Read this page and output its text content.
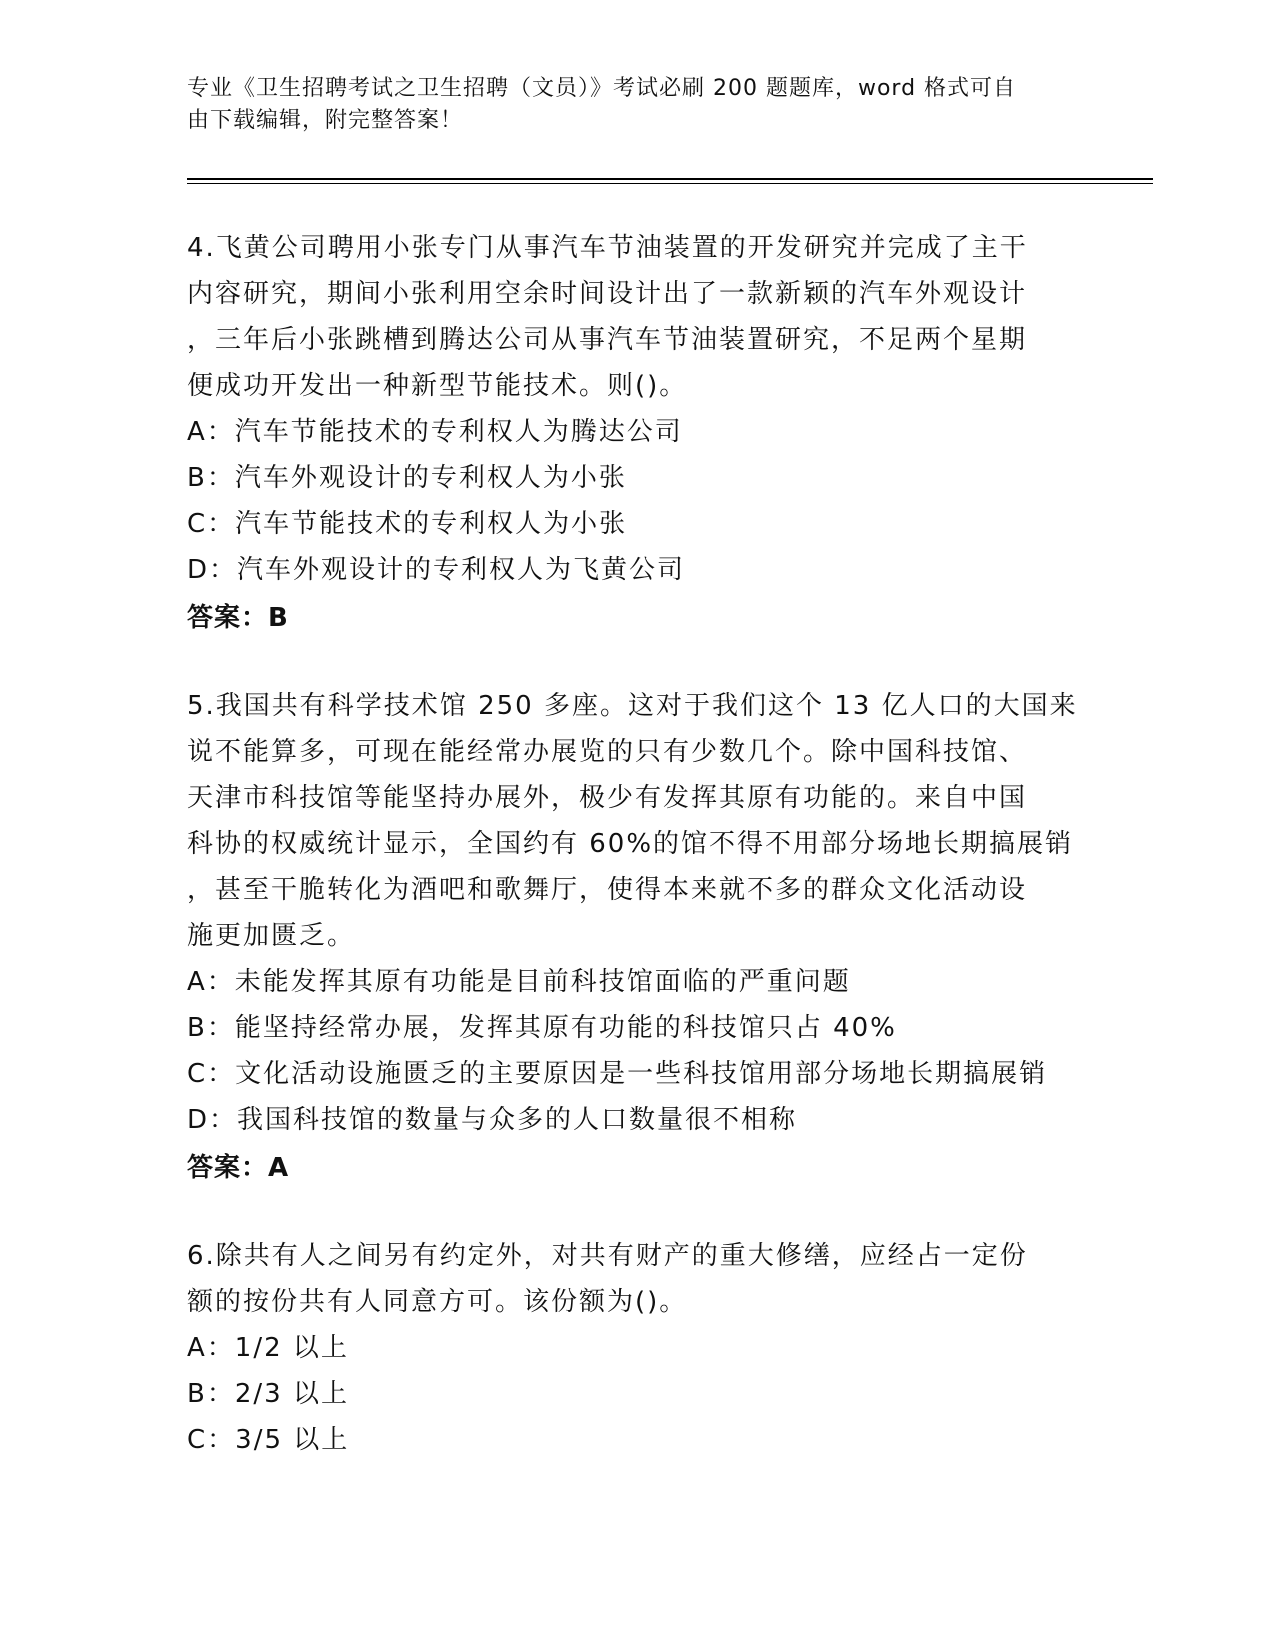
专业《卫生招聘考试之卫生招聘（文员）》考试必刷 200 题题库，word 格式可自
由下载编辑，附完整答案！
4.飞黄公司聘用小张专门从事汽车节油装置的开发研究并完成了主干
内容研究，期间小张利用空余时间设计出了一款新颖的汽车外观设计
，三年后小张跳槽到腾达公司从事汽车节油装置研究，不足两个星期
便成功开发出一种新型节能技术。则()。
A：汽车节能技术的专利权人为腾达公司
B：汽车外观设计的专利权人为小张
C：汽车节能技术的专利权人为小张
D：汽车外观设计的专利权人为飞黄公司
答案：B
5.我国共有科学技术馆 250 多座。这对于我们这个 13 亿人口的大国来
说不能算多，可现在能经常办展览的只有少数几个。除中国科技馆、
天津市科技馆等能坚持办展外，极少有发挥其原有功能的。来自中国
科协的权威统计显示，全国约有 60%的馆不得不用部分场地长期搞展销
，甚至干脆转化为酒吧和歌舞厅，使得本来就不多的群众文化活动设
施更加匮乏。
A：未能发挥其原有功能是目前科技馆面临的严重问题
B：能坚持经常办展，发挥其原有功能的科技馆只占 40%
C：文化活动设施匮乏的主要原因是一些科技馆用部分场地长期搞展销
D：我国科技馆的数量与众多的人口数量很不相称
答案：A
6.除共有人之间另有约定外，对共有财产的重大修缮，应经占一定份
额的按份共有人同意方可。该份额为()。
A：1/2 以上
B：2/3 以上
C：3/5 以上
